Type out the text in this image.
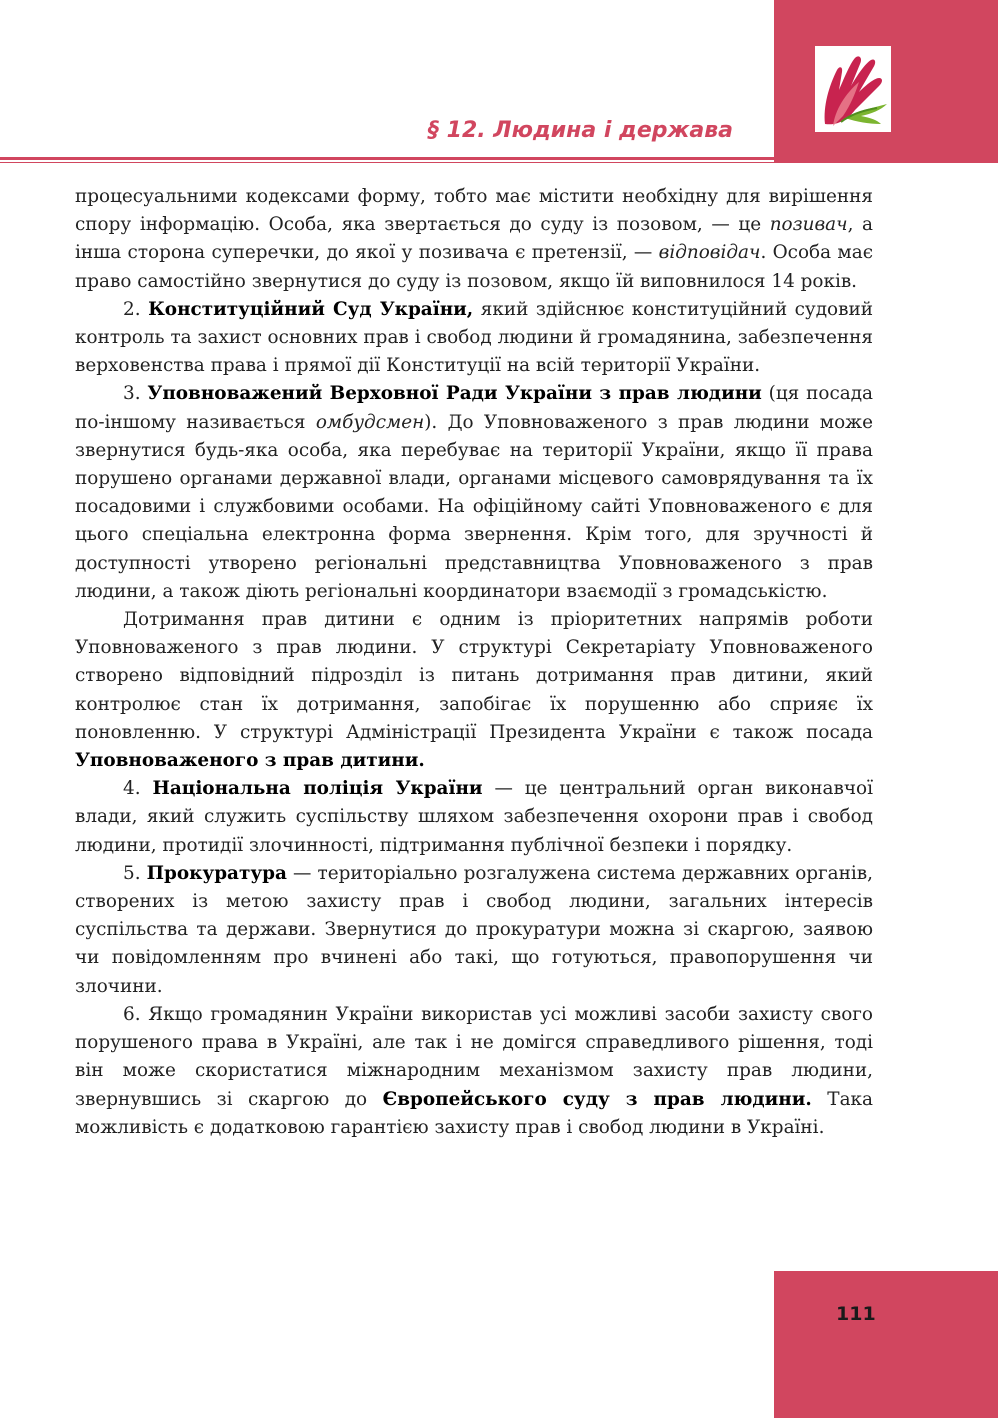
§ 12. Людина і держава

процесуальними кодексами форму, тобто має містити необхідну для вирішення спору інформацію. Особа, яка звертається до суду із позовом, — це позивач, а інша сторона суперечки, до якої у позивача є претензії, — відповідач. Особа має право самостійно звернутися до суду із позовом, якщо їй виповнилося 14 років.

2. Конституційний Суд України, який здійснює конституційний судовий контроль та захист основних прав і свобод людини й громадянина, забезпечення верховенства права і прямої дії Конституції на всій території України.

3. Уповноважений Верховної Ради України з прав людини (ця посада по-іншому називається омбудсмен). До Уповноваженого з прав людини може звернутися будь-яка особа, яка перебуває на території України, якщо її права порушено органами державної влади, органами місцевого самоврядування та їх посадовими і службовими особами. На офіційному сайті Уповноваженого є для цього спеціальна електронна форма звернення. Крім того, для зручності й доступності утворено регіональні представництва Уповноваженого з прав людини, а також діють регіональні координатори взаємодії з громадськістю.

Дотримання прав дитини є одним із пріоритетних напрямів роботи Уповноваженого з прав людини. У структурі Секретаріату Уповноваженого створено відповідний підрозділ із питань дотримання прав дитини, який контролює стан їх дотримання, запобігає їх порушенню або сприяє їх поновленню. У структурі Адміністрації Президента України є також посада Уповноваженого з прав дитини.

4. Національна поліція України — це центральний орган виконавчої влади, який служить суспільству шляхом забезпечення охорони прав і свобод людини, протидії злочинності, підтримання публічної безпеки і порядку.

5. Прокуратура — територіально розгалужена система державних органів, створених із метою захисту прав і свобод людини, загальних інтересів суспільства та держави. Звернутися до прокуратури можна зі скаргою, заявою чи повідомленням про вчинені або такі, що готуються, правопорушення чи злочини.

6. Якщо громадянин України використав усі можливі засоби захисту свого порушеного права в Україні, але так і не домігся справедливого рішення, тоді він може скористатися міжнародним механізмом захисту прав людини, звернувшись зі скаргою до Європейського суду з прав людини. Така можливість є додатковою гарантією захисту прав і свобод людини в Україні.

111
